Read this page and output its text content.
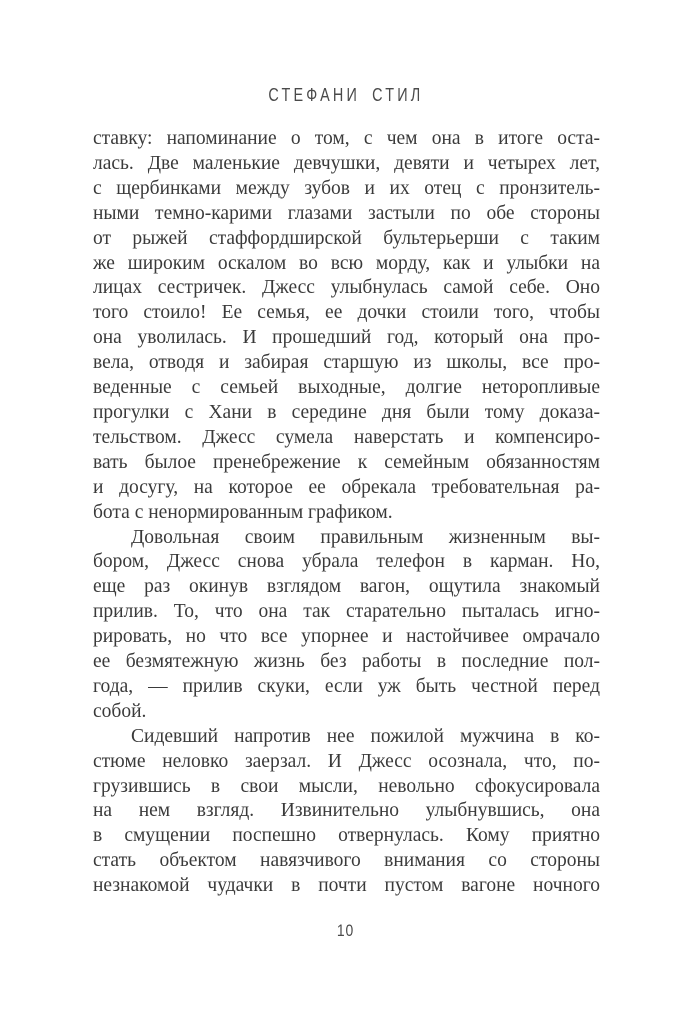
СТЕФАНИ СТИЛ
ставку: напоминание о том, с чем она в итоге оста-
лась. Две маленькие девчушки, девяти и четырех лет,
с щербинками между зубов и их отец с пронзитель-
ными темно-карими глазами застыли по обе стороны
от рыжей стаффордширской бультерьерши с таким
же широким оскалом во всю морду, как и улыбки на
лицах сестричек. Джесс улыбнулась самой себе. Оно
того стоило! Ее семья, ее дочки стоили того, чтобы
она уволилась. И прошедший год, который она про-
вела, отводя и забирая старшую из школы, все про-
веденные с семьей выходные, долгие неторопливые
прогулки с Хани в середине дня были тому доказа-
тельством. Джесс сумела наверстать и компенсиро-
вать былое пренебрежение к семейным обязанностям
и досугу, на которое ее обрекала требовательная ра-
бота с ненормированным графиком.
Довольная своим правильным жизненным вы-
бором, Джесс снова убрала телефон в карман. Но,
еще раз окинув взглядом вагон, ощутила знакомый
прилив. То, что она так старательно пыталась игно-
рировать, но что все упорнее и настойчивее омрачало
ее безмятежную жизнь без работы в последние пол-
года, — прилив скуки, если уж быть честной перед
собой.
Сидевший напротив нее пожилой мужчина в ко-
стюме неловко заерзал. И Джесс осознала, что, по-
грузившись в свои мысли, невольно сфокусировала
на нем взгляд. Извинительно улыбнувшись, она
в смущении поспешно отвернулась. Кому приятно
стать объектом навязчивого внимания со стороны
незнакомой чудачки в почти пустом вагоне ночного
10
